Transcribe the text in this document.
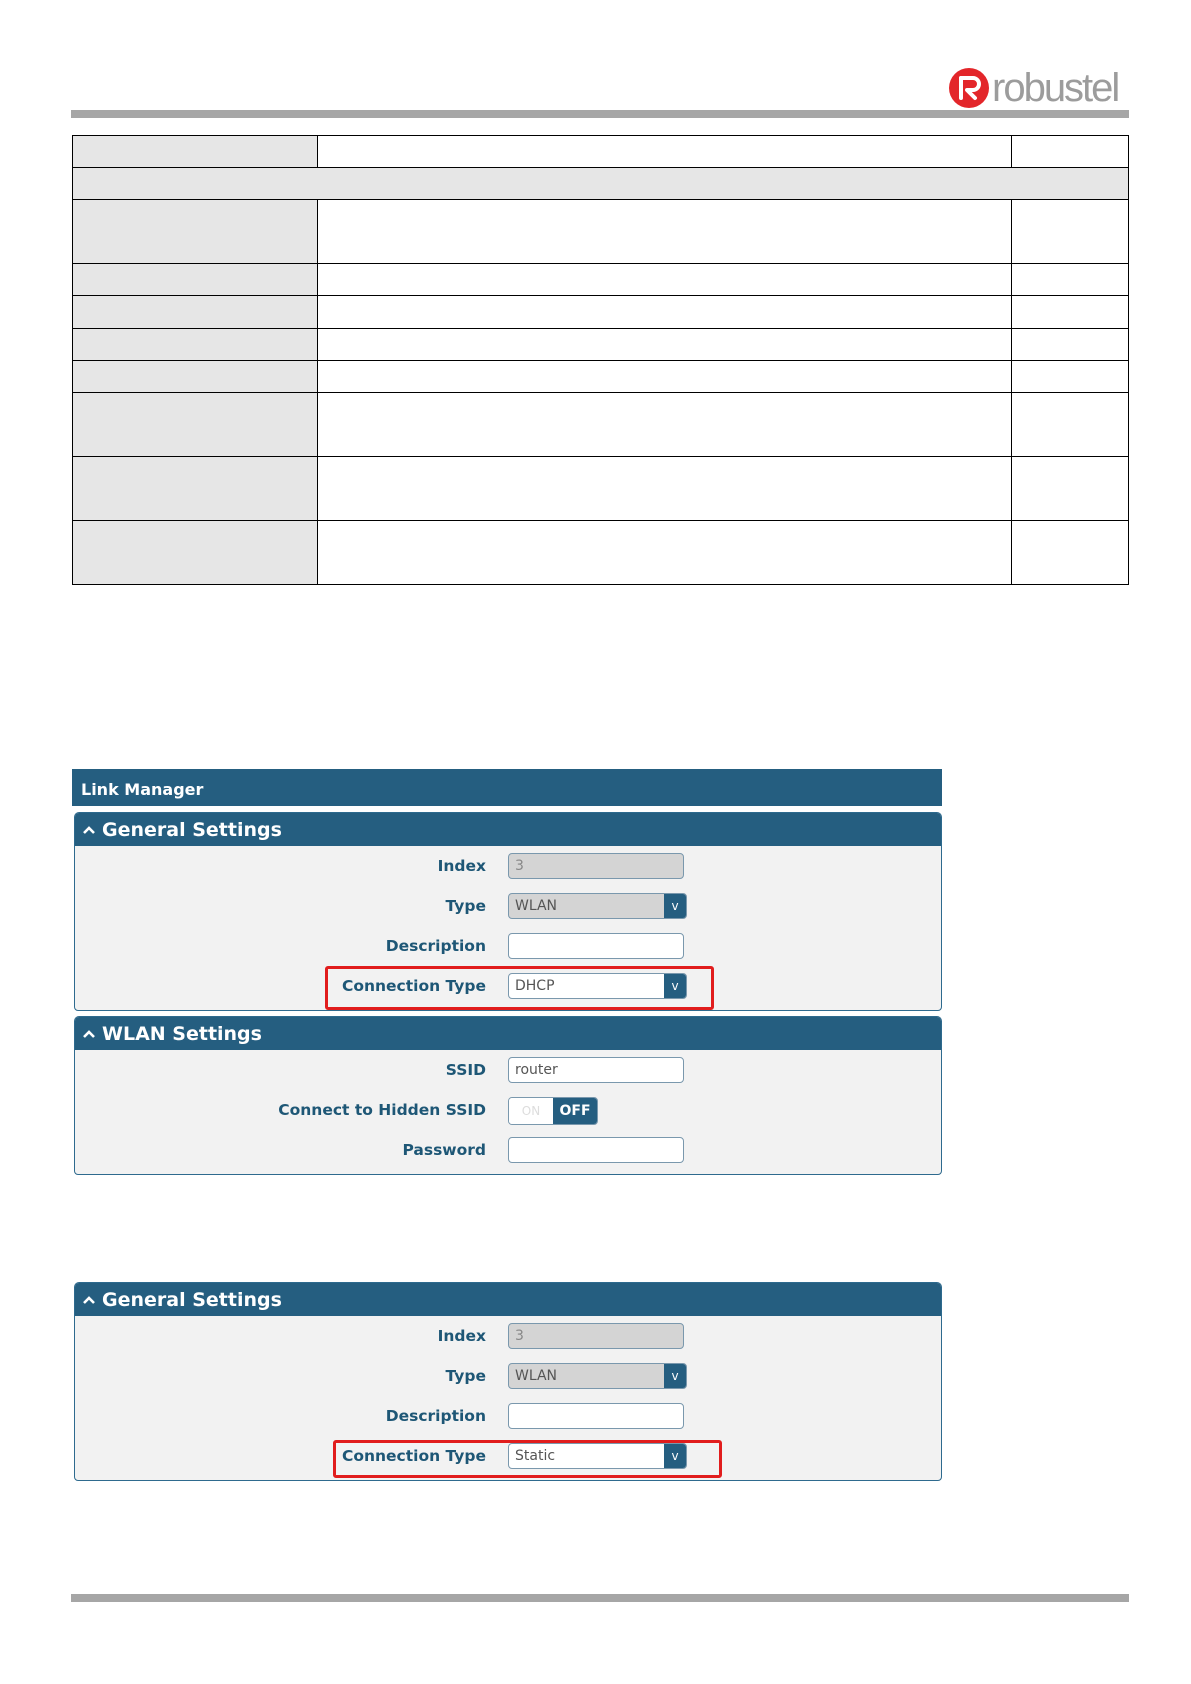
robustel

Link Manager
General Settings
Index	3
Type	WLAN	v
Description
Connection Type	DHCP	v
WLAN Settings
SSID	router
Connect to Hidden SSID	ON	OFF
Password
General Settings
Index	3
Type	WLAN	v
Description
Connection Type	Static	v
